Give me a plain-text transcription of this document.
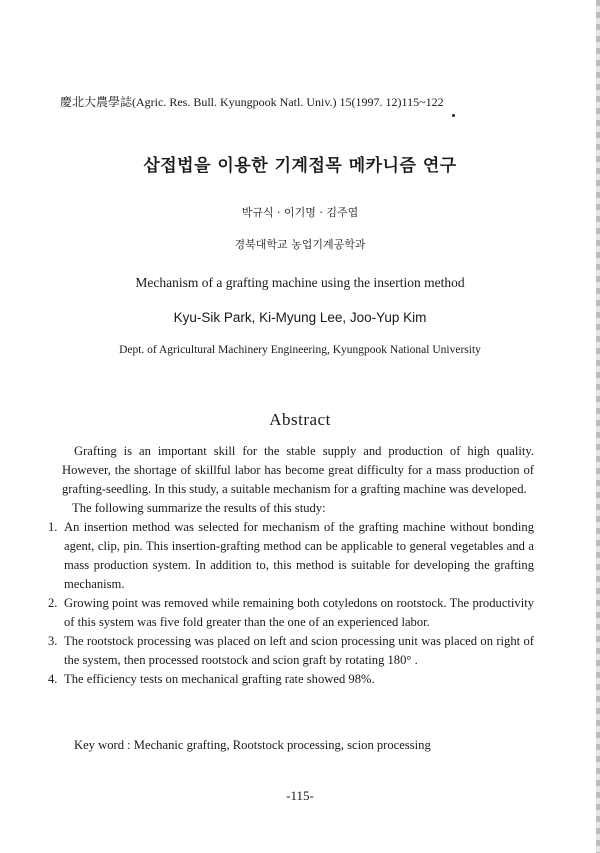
慶北大農學誌(Agric. Res. Bull. Kyungpook Natl. Univ.) 15(1997. 12)115~122
삽접법을 이용한 기계접목 메카니즘 연구
박규식 · 이기명 · 김주엽
경북대학교 농업기계공학과
Mechanism of a grafting machine using the insertion method
Kyu-Sik Park, Ki-Myung Lee, Joo-Yup Kim
Dept. of Agricultural Machinery Engineering, Kyungpook National University
Abstract

Grafting is an important skill for the stable supply and production of high quality. However, the shortage of skillful labor has become great difficulty for a mass production of grafting-seedling. In this study, a suitable mechanism for a grafting machine was developed.

The following summarize the results of this study:

1. An insertion method was selected for mechanism of the grafting machine without bonding agent, clip, pin. This insertion-grafting method can be applicable to general vegetables and a mass production system. In addition to, this method is suitable for developing the grafting mechanism.
2. Growing point was removed while remaining both cotyledons on rootstock. The productivity of this system was five fold greater than the one of an experienced labor.
3. The rootstock processing was placed on left and scion processing unit was placed on right of the system, then processed rootstock and scion graft by rotating 180° .
4. The efficiency tests on mechanical grafting rate showed 98%.
Key word : Mechanic grafting, Rootstock processing, scion processing
-115-
